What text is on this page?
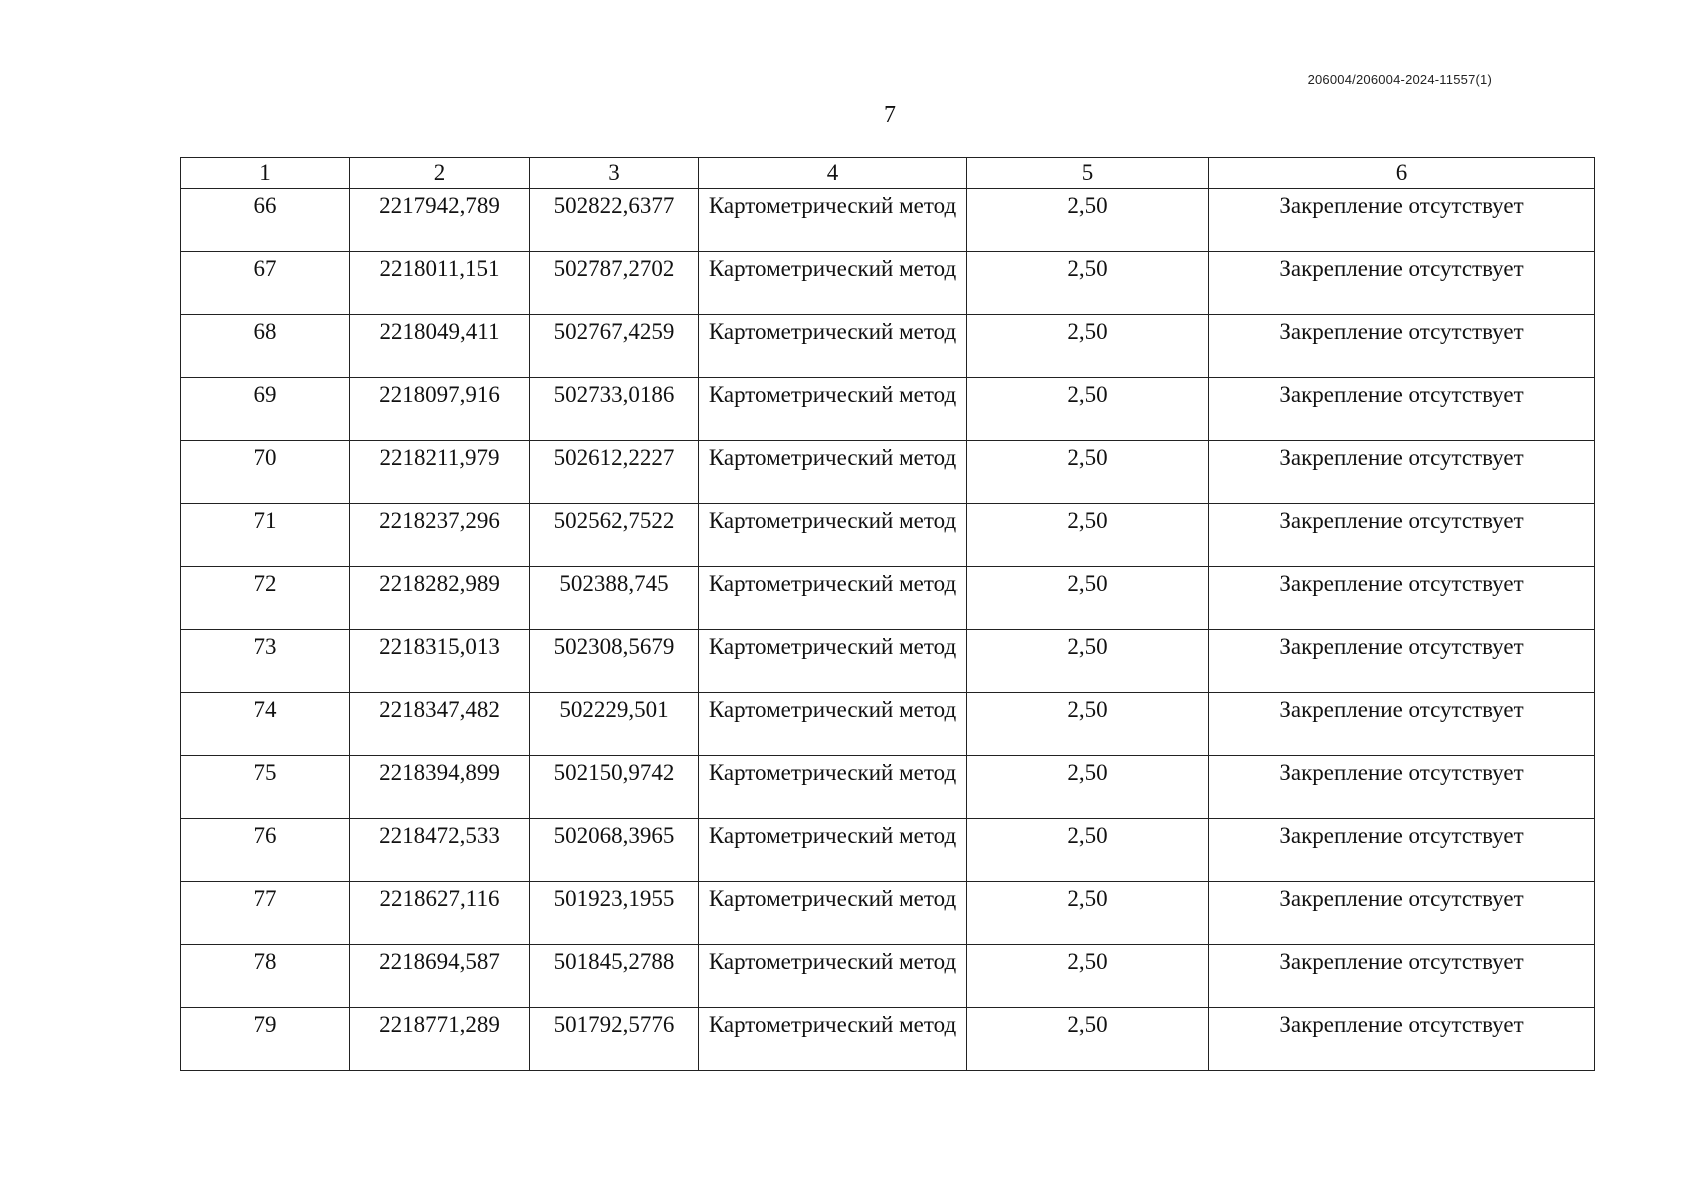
206004/206004-2024-11557(1)
7
1	2	3	4	5	6
66	2217942,789	502822,6377	Картометрический метод	2,50	Закрепление отсутствует
67	2218011,151	502787,2702	Картометрический метод	2,50	Закрепление отсутствует
68	2218049,411	502767,4259	Картометрический метод	2,50	Закрепление отсутствует
69	2218097,916	502733,0186	Картометрический метод	2,50	Закрепление отсутствует
70	2218211,979	502612,2227	Картометрический метод	2,50	Закрепление отсутствует
71	2218237,296	502562,7522	Картометрический метод	2,50	Закрепление отсутствует
72	2218282,989	502388,745	Картометрический метод	2,50	Закрепление отсутствует
73	2218315,013	502308,5679	Картометрический метод	2,50	Закрепление отсутствует
74	2218347,482	502229,501	Картометрический метод	2,50	Закрепление отсутствует
75	2218394,899	502150,9742	Картометрический метод	2,50	Закрепление отсутствует
76	2218472,533	502068,3965	Картометрический метод	2,50	Закрепление отсутствует
77	2218627,116	501923,1955	Картометрический метод	2,50	Закрепление отсутствует
78	2218694,587	501845,2788	Картометрический метод	2,50	Закрепление отсутствует
79	2218771,289	501792,5776	Картометрический метод	2,50	Закрепление отсутствует
